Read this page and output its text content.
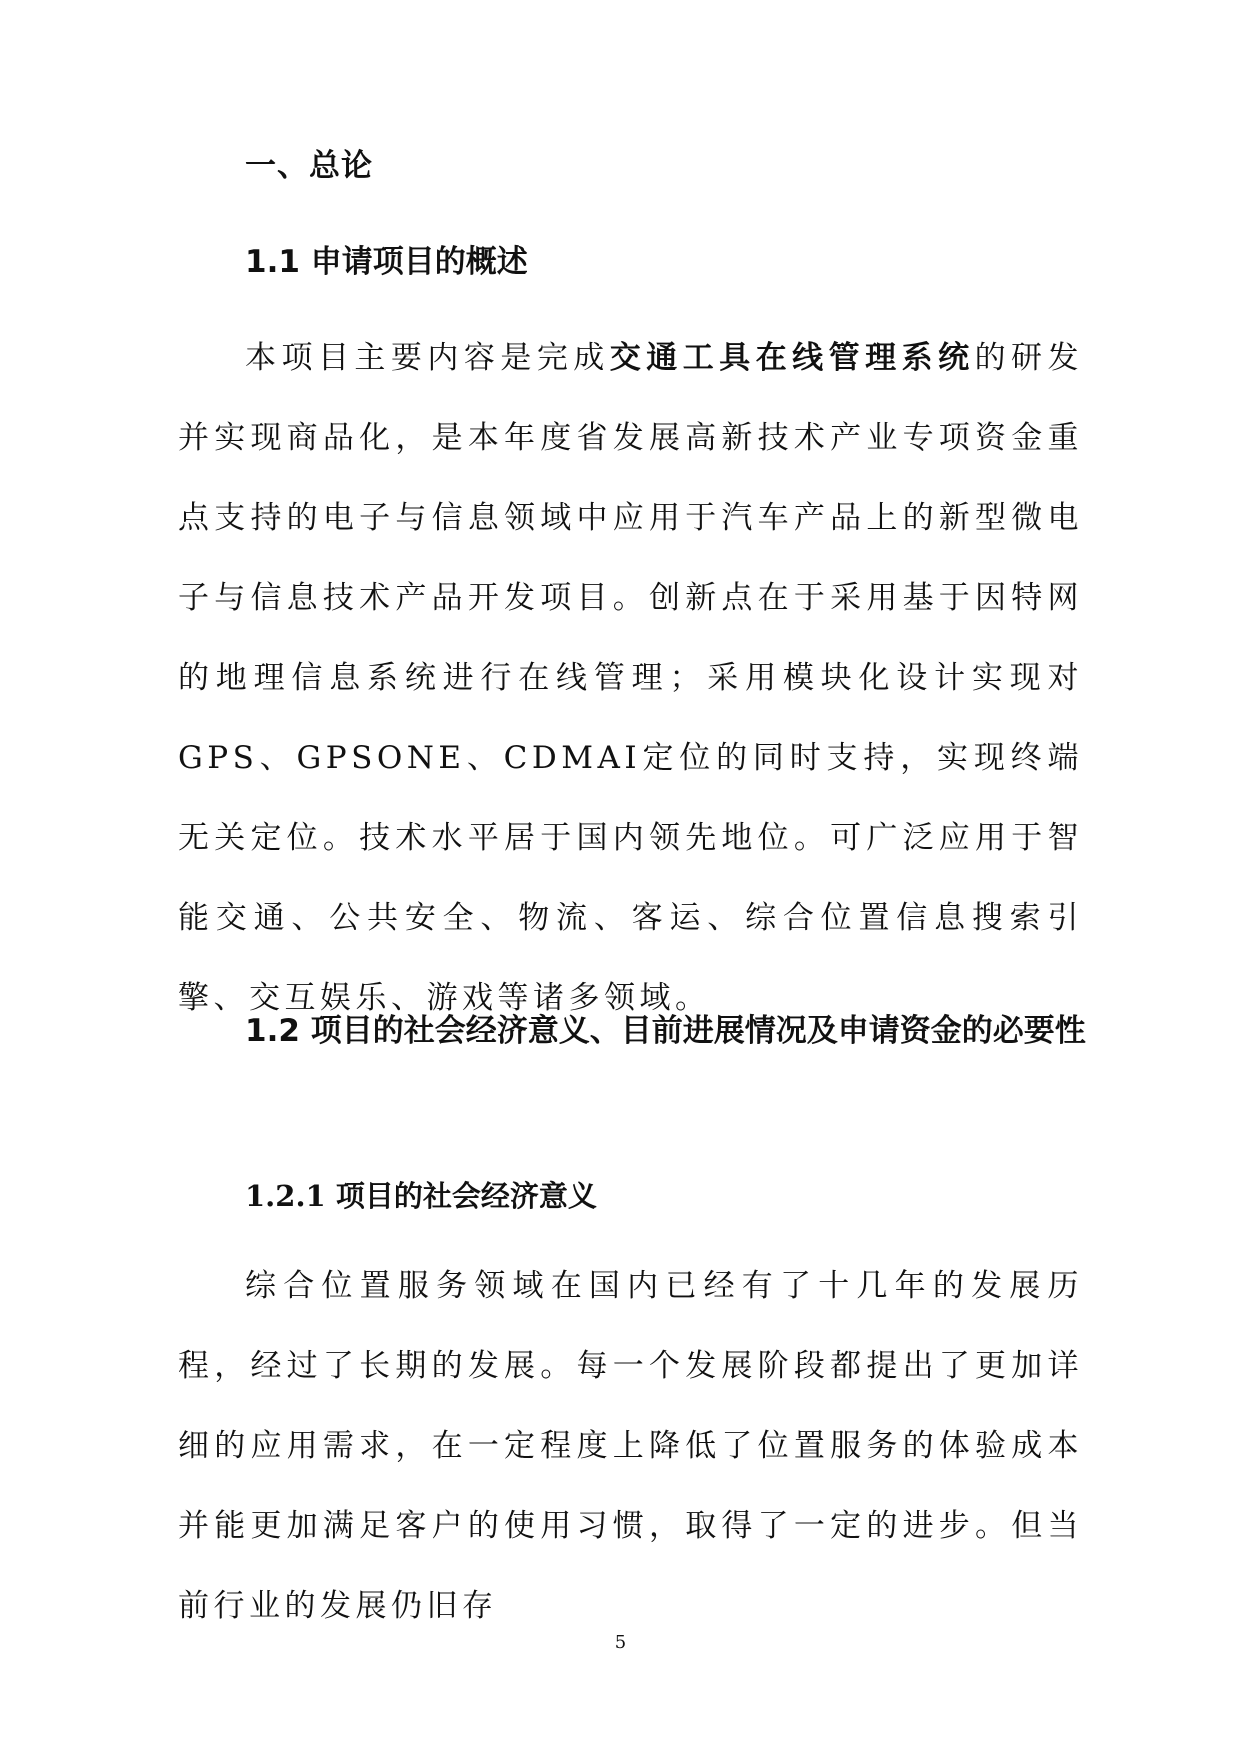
一、总论
1.1 申请项目的概述
本项目主要内容是完成交通工具在线管理系统的研发并实现商品化，是本年度省发展高新技术产业专项资金重点支持的电子与信息领域中应用于汽车产品上的新型微电子与信息技术产品开发项目。创新点在于采用基于因特网的地理信息系统进行在线管理；采用模块化设计实现对GPS、GPSONE、CDMAI定位的同时支持，实现终端无关定位。技术水平居于国内领先地位。可广泛应用于智能交通、公共安全、物流、客运、综合位置信息搜索引擎、交互娱乐、游戏等诸多领域。
1.2 项目的社会经济意义、目前进展情况及申请资金的必要性
1.2.1 项目的社会经济意义
综合位置服务领域在国内已经有了十几年的发展历程，经过了长期的发展。每一个发展阶段都提出了更加详细的应用需求，在一定程度上降低了位置服务的体验成本并能更加满足客户的使用习惯，取得了一定的进步。但当前行业的发展仍旧存
5
